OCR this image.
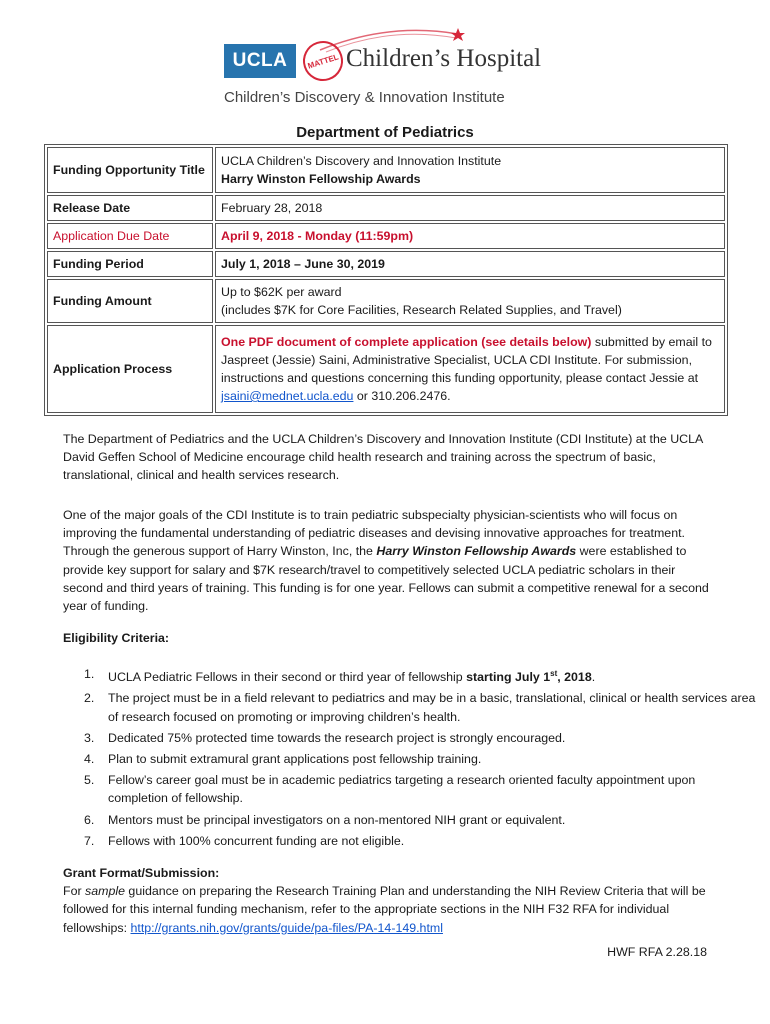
UCLA	MATTEL Children’s Hospital
Children’s Discovery & Innovation Institute
Department of Pediatrics
Funding Opportunity Title	UCLA Children’s Discovery and Innovation Institute
Harry Winston Fellowship Awards

Release Date	February 28, 2018
Application Due Date	April 9, 2018 - Monday (11:59pm)
Funding Period	July 1, 2018 – June 30, 2019
Funding Amount	Up to $62K per award
(includes $7K for Core Facilities, Research Related Supplies, and Travel)

Application Process	One PDF document of complete application (see details below) submitted by email to Jaspreet (Jessie) Saini, Administrative Specialist, UCLA CDI Institute. For submission, instructions and questions concerning this funding opportunity, please contact Jessie at jsaini@mednet.ucla.edu or 310.206.2476.

The Department of Pediatrics and the UCLA Children’s Discovery and Innovation Institute (CDI Institute) at the UCLA David Geffen School of Medicine encourage child health research and training across the spectrum of basic, translational, clinical and health services research.

One of the major goals of the CDI Institute is to train pediatric subspecialty physician-scientists who will focus on improving the fundamental understanding of pediatric diseases and devising innovative approaches for treatment. Through the generous support of Harry Winston, Inc, the Harry Winston Fellowship Awards were established to provide key support for salary and $7K research/travel to competitively selected UCLA pediatric scholars in their second and third years of training. This funding is for one year. Fellows can submit a competitive renewal for a second year of funding.

Eligibility Criteria:
1. UCLA Pediatric Fellows in their second or third year of fellowship starting July 1st, 2018.
2. The project must be in a field relevant to pediatrics and may be in a basic, translational, clinical or health services area of research focused on promoting or improving children’s health.
3. Dedicated 75% protected time towards the research project is strongly encouraged.
4. Plan to submit extramural grant applications post fellowship training.
5. Fellow’s career goal must be in academic pediatrics targeting a research oriented faculty appointment upon completion of fellowship.
6. Mentors must be principal investigators on a non-mentored NIH grant or equivalent.
7. Fellows with 100% concurrent funding are not eligible.

Grant Format/Submission:

For sample guidance on preparing the Research Training Plan and understanding the NIH Review Criteria that will be followed for this internal funding mechanism, refer to the appropriate sections in the NIH F32 RFA for individual fellowships: http://grants.nih.gov/grants/guide/pa-files/PA-14-149.html

HWF RFA 2.28.18
